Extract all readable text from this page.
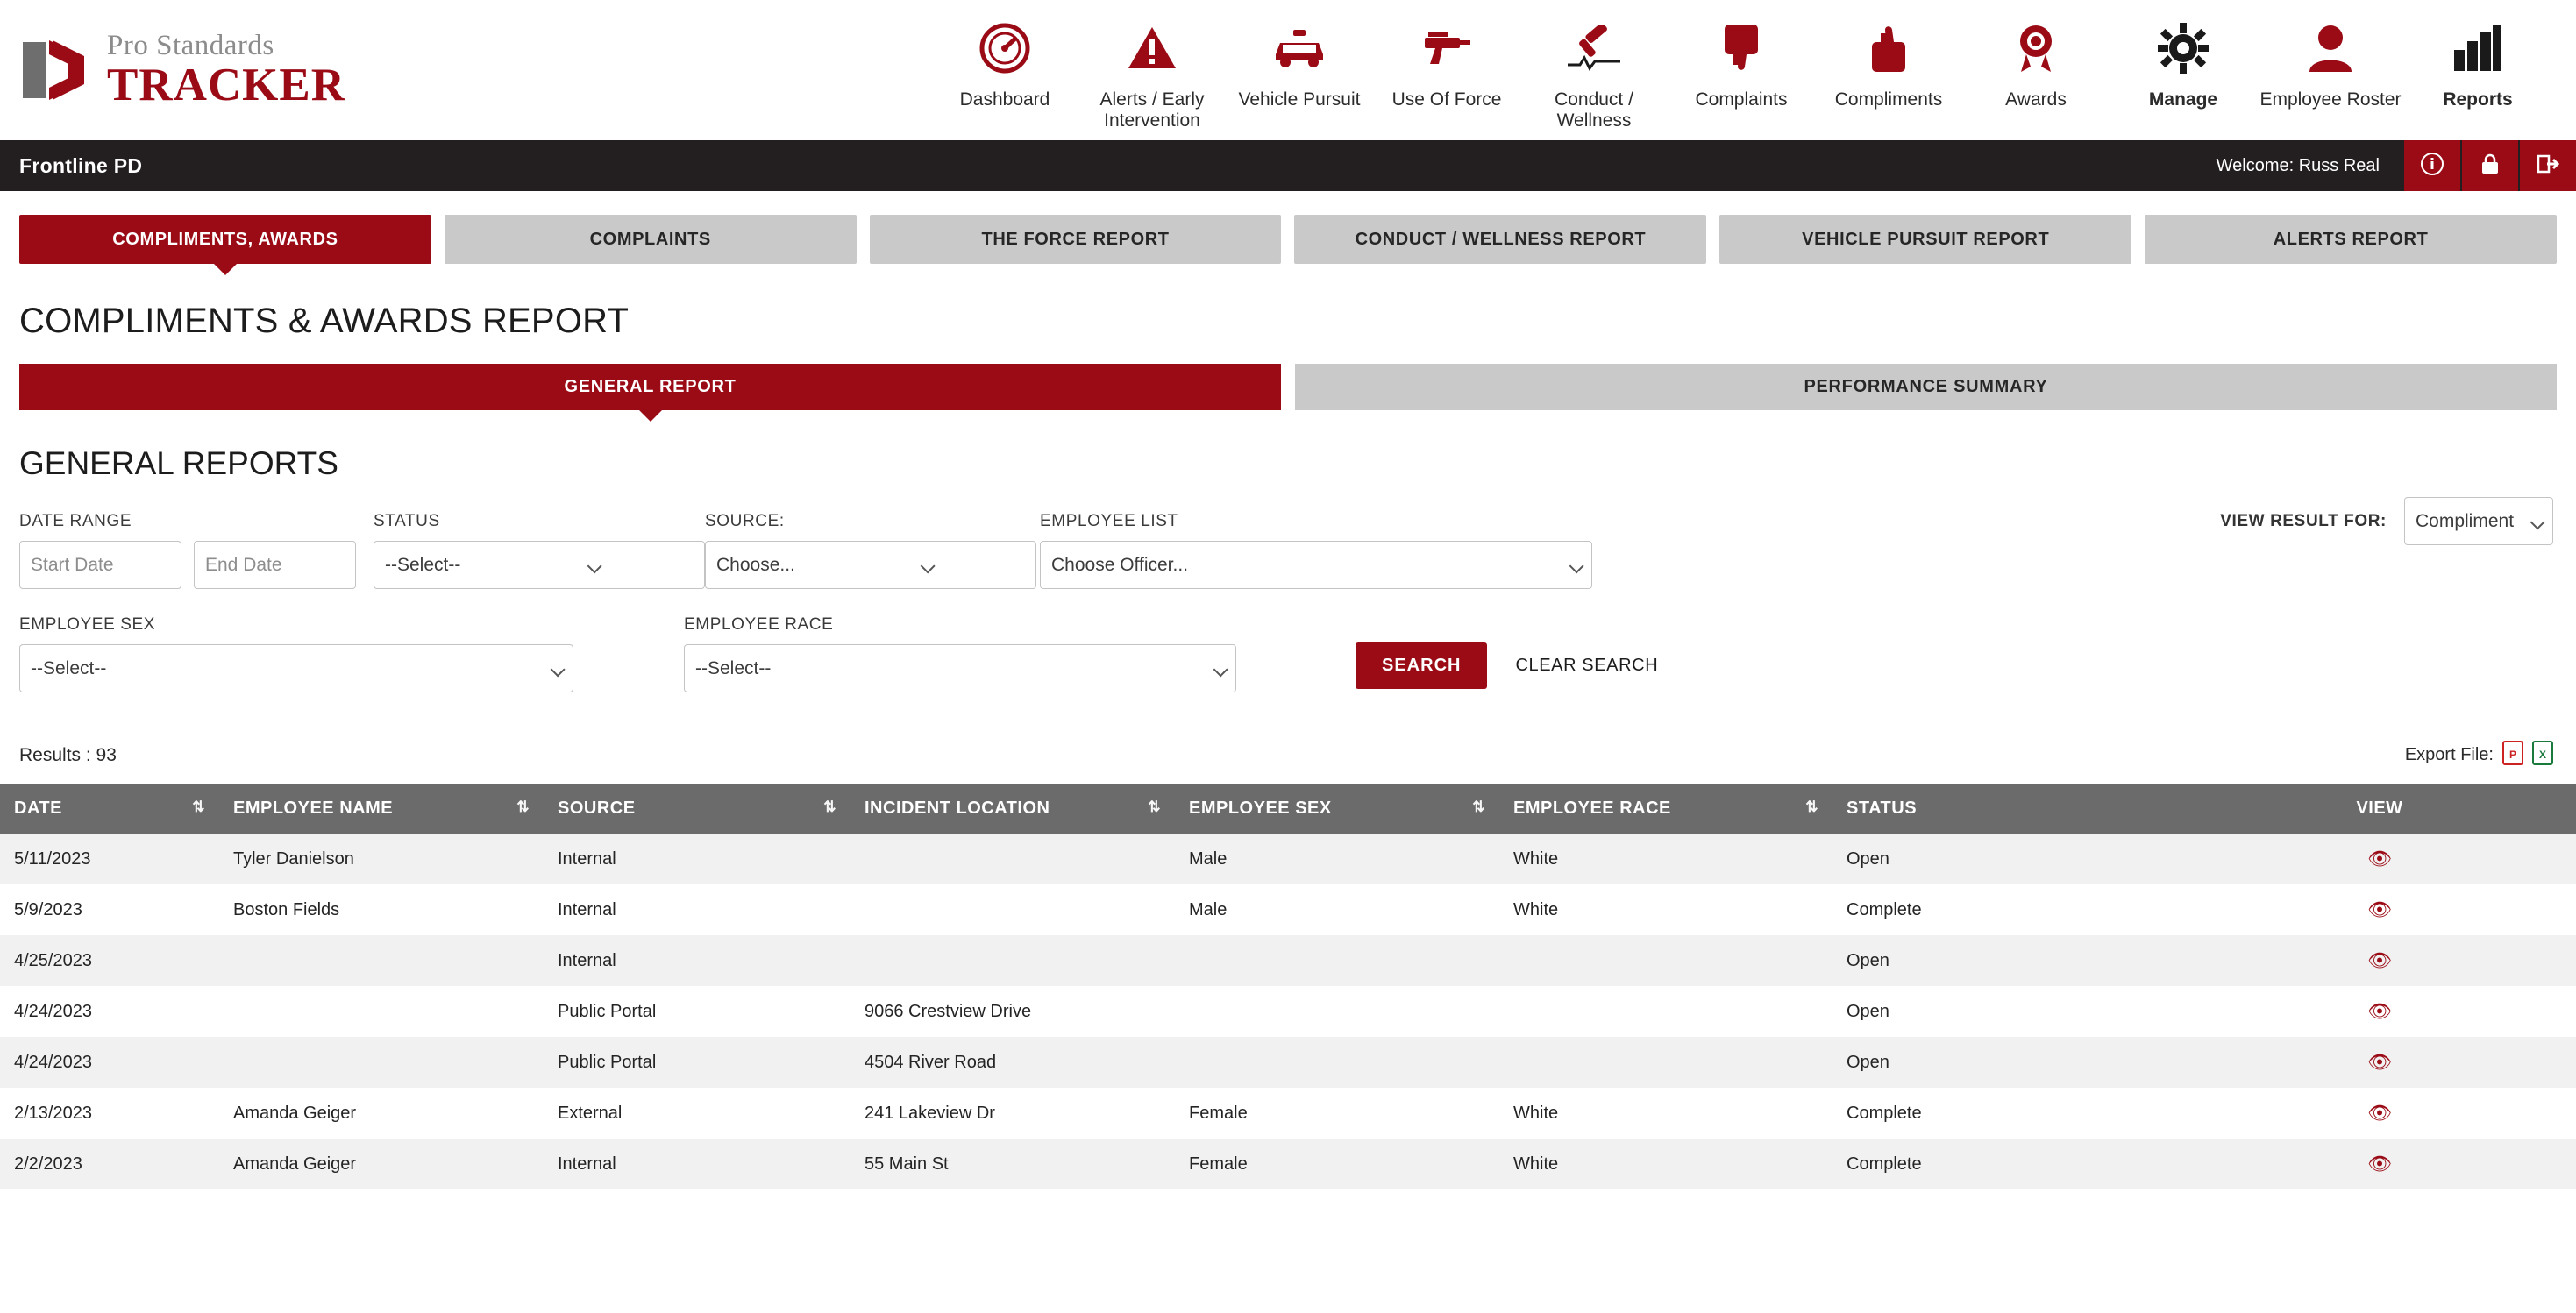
Pro Standards
TRACKER	Dashboard	Alerts / Early Intervention
Vehicle Pursuit Use Of Force	Conduct / Wellness
Complaints	Compliments	Awards	Manage Employee Roster Reports
Frontline PD	Welcome: Russ Real
COMPLIMENTS, AWARDS	COMPLAINTS	THE FORCE REPORT	CONDUCT / WELLNESS REPORT	VEHICLE PURSUIT REPORT	ALERTS REPORT
COMPLIMENTS & AWARDS REPORT
GENERAL REPORT	PERFORMANCE SUMMARY
GENERAL REPORTS
VIEW RESULT FOR:
Compliment
DATE RANGE
Start Date
End Date	STATUS
--Select--	SOURCE:
Choose...	EMPLOYEE LIST
Choose Officer...
EMPLOYEE SEX
--Select--	EMPLOYEE RACE
--Select--
SEARCH	CLEAR SEARCH
Results : 93	Export File: P X
DATE ⇅	EMPLOYEE NAME ⇅	SOURCE ⇅	INCIDENT LOCATION ⇅	EMPLOYEE SEX ⇅	EMPLOYEE RACE ⇅	STATUS	VIEW
5/11/2023	Tyler Danielson	Internal		Male	White	Open	👁
5/9/2023	Boston Fields	Internal		Male	White	Complete	👁
4/25/2023		Internal				Open	👁
4/24/2023		Public Portal	9066 Crestview Drive			Open	👁
4/24/2023		Public Portal	4504 River Road			Open	👁
2/13/2023	Amanda Geiger	External	241 Lakeview Dr	Female	White	Complete	👁
2/2/2023	Amanda Geiger	Internal	55 Main St	Female	White	Complete	👁
